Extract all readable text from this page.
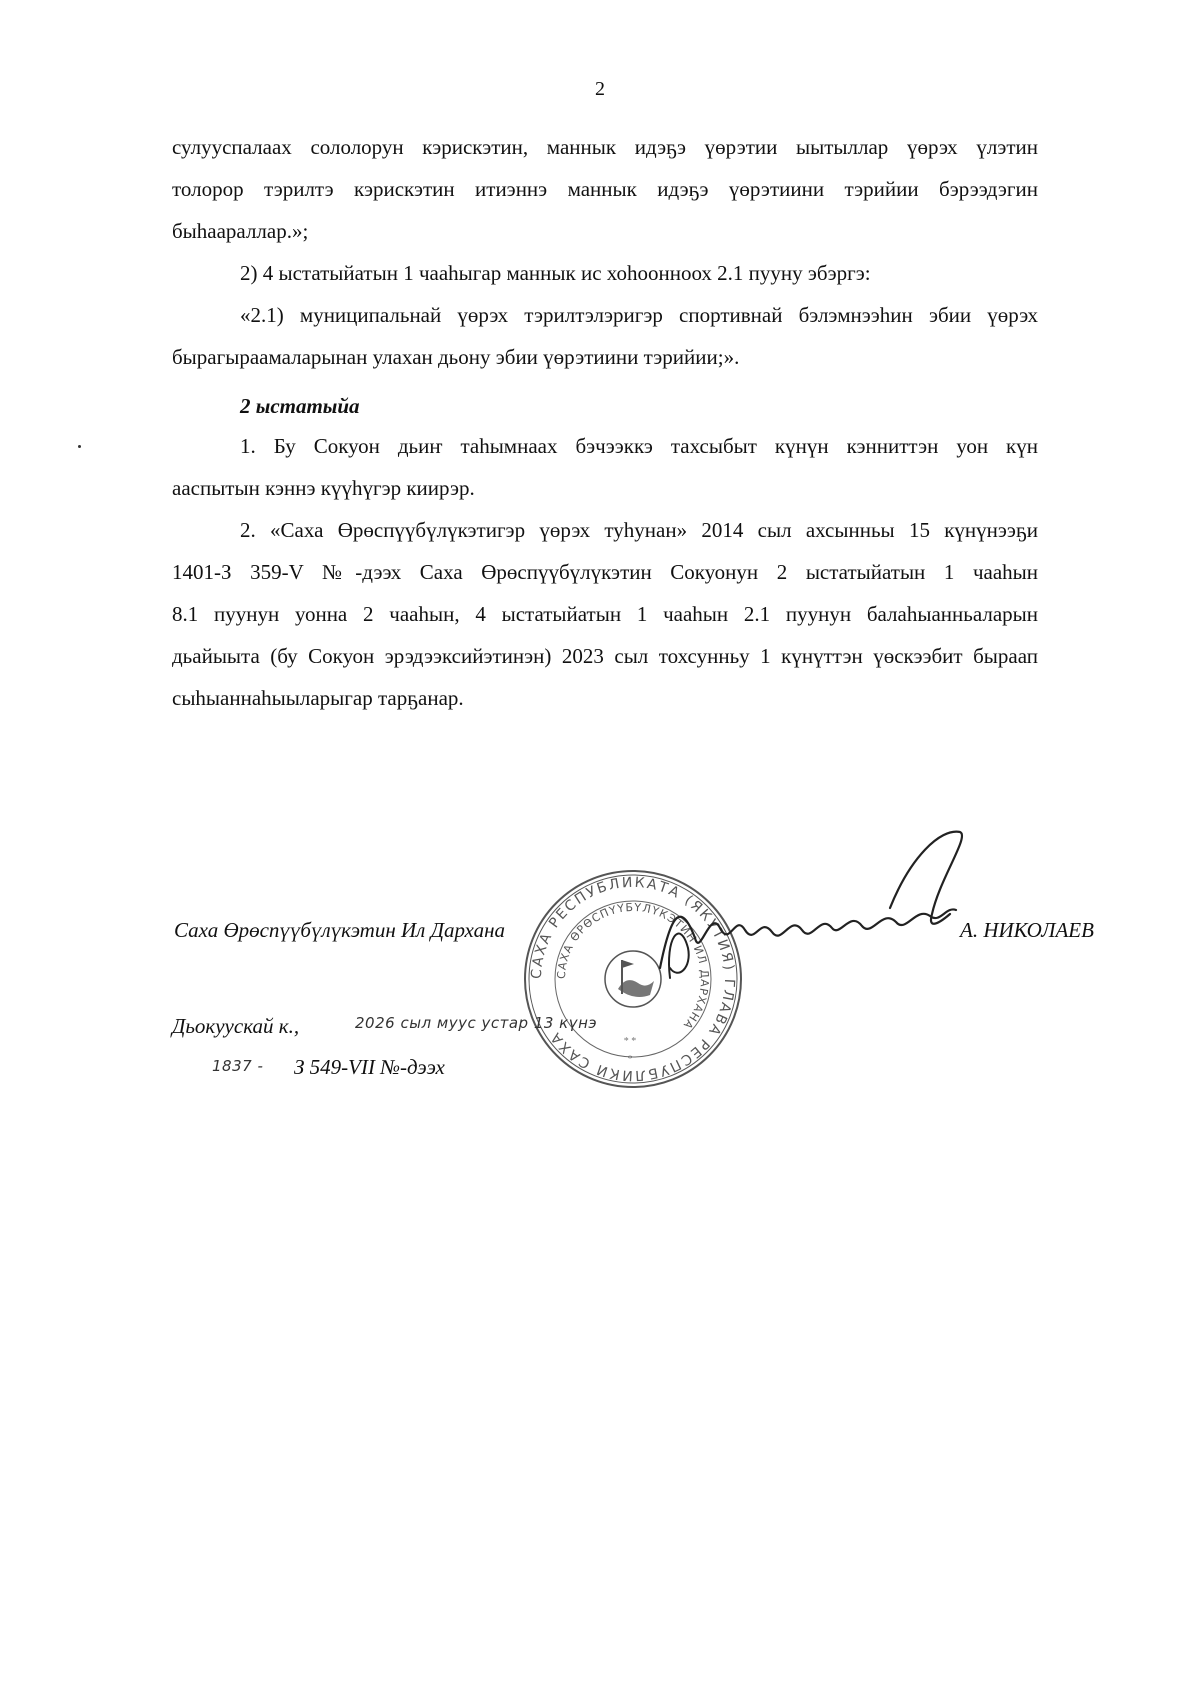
2

сулууспалаах сололорун кэрискэтин, маннык идэҕэ үөрэтии ыытыллар үөрэх үлэтин
толорор тэрилтэ кэрискэтин итиэннэ маннык идэҕэ үөрэтиини тэрийии бэрээдэгин
быһаараллар.»;

2) 4 ыстатыйатын 1 чааһыгар маннык ис хоһоонноох 2.1 пууну эбэргэ:

«2.1) муниципальнай үөрэх тэрилтэлэригэр спортивнай бэлэмнээһин эбии үөрэх
бырагыраамаларынан улахан дьону эбии үөрэтиини тэрийии;».

2 ыстатыйа

1. Бу Сокуон дьиҥ таһымнаах бэчээккэ тахсыбыт күнүн кэнниттэн уон күн
ааспытын кэннэ күүһүгэр киирэр.

2. «Саха Өрөспүүбүлүкэтигэр үөрэх туһунан» 2014 сыл ахсынньы 15 күнүнээҕи
1401-З 359-V №-дээх Саха Өрөспүүбүлүкэтин Сокуонун 2 ыстатыйатын 1 чааһын
8.1 пуунун уонна 2 чааһын, 4 ыстатыйатын 1 чааһын 2.1 пуунун балаһыанньаларын
дьайыыта (бу Сокуон эрэдээксийэтинэн) 2023 сыл тохсунньу 1 күнүттэн үөскээбит быраап
сыһыаннаһыыларыгар тарҕанар.

САХА РЕСПУБЛИКАТА (ЯКУТИЯ) ГЛАВА РЕСПУБЛИКИ САХА
САХА ӨРӨСПҮҮБҮЛҮКЭТИН ИЛ ДАРХАНА
* *
*
Саха Өрөспүүбүлүкэтин Ил Дархана	А. НИКОЛАЕВ
Дьокуускай к.,	2026 сыл муус устар 13 күнэ
1837 - З 549-VII №-дээх
